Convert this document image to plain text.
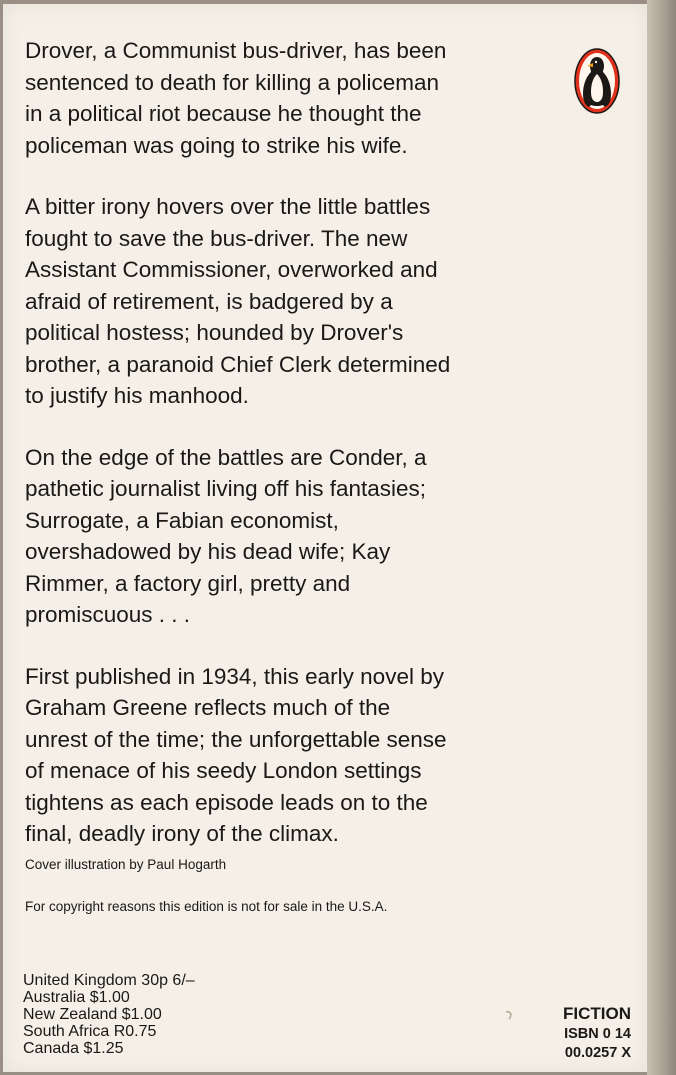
Drover, a Communist bus-driver, has been
sentenced to death for killing a policeman
in a political riot because he thought the
policeman was going to strike his wife.

A bitter irony hovers over the little battles
fought to save the bus-driver. The new
Assistant Commissioner, overworked and
afraid of retirement, is badgered by a
political hostess; hounded by Drover's
brother, a paranoid Chief Clerk determined
to justify his manhood.

On the edge of the battles are Conder, a
pathetic journalist living off his fantasies;
Surrogate, a Fabian economist,
overshadowed by his dead wife; Kay
Rimmer, a factory girl, pretty and
promiscuous . . .

First published in 1934, this early novel by
Graham Greene reflects much of the
unrest of the time; the unforgettable sense
of menace of his seedy London settings
tightens as each episode leads on to the
final, deadly irony of the climax.

Cover illustration by Paul Hogarth
For copyright reasons this edition is not for sale in the U.S.A.
United Kingdom 30p 6/–
Australia $1.00
New Zealand $1.00
South Africa R0.75
Canada $1.25
FICTION
ISBN 0 14
00.0257 X
